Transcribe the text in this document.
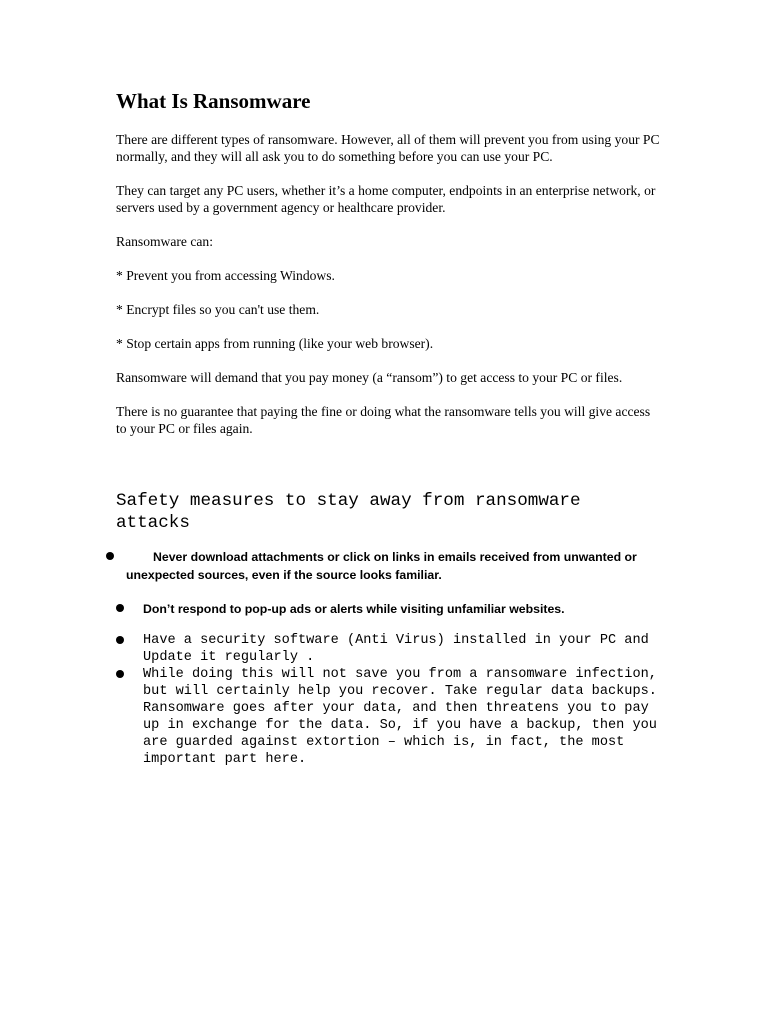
What Is Ransomware

There are different types of ransomware. However, all of them will prevent you from using your PC normally, and they will all ask you to do something before you can use your PC.

They can target any PC users, whether it’s a home computer, endpoints in an enterprise network, or servers used by a government agency or healthcare provider.

Ransomware can:

* Prevent you from accessing Windows.

* Encrypt files so you can't use them.

* Stop certain apps from running (like your web browser).

Ransomware will demand that you pay money (a “ransom”) to get access to your PC or files.

There is no guarantee that paying the fine or doing what the ransomware tells you will give access to your PC or files again.

Safety measures to stay away from ransomware attacks
Never download attachments or click on links in emails received from unwanted or unexpected sources, even if the source looks familiar.
Don’t respond to pop-up ads or alerts while visiting unfamiliar websites.
Have a security software (Anti Virus) installed in your PC and Update it regularly .
While doing this will not save you from a ransomware infection, but will certainly help you recover. Take regular data backups. Ransomware goes after your data, and then threatens you to pay up in exchange for the data. So, if you have a backup, then you are guarded against extortion – which is, in fact, the most important part here.
